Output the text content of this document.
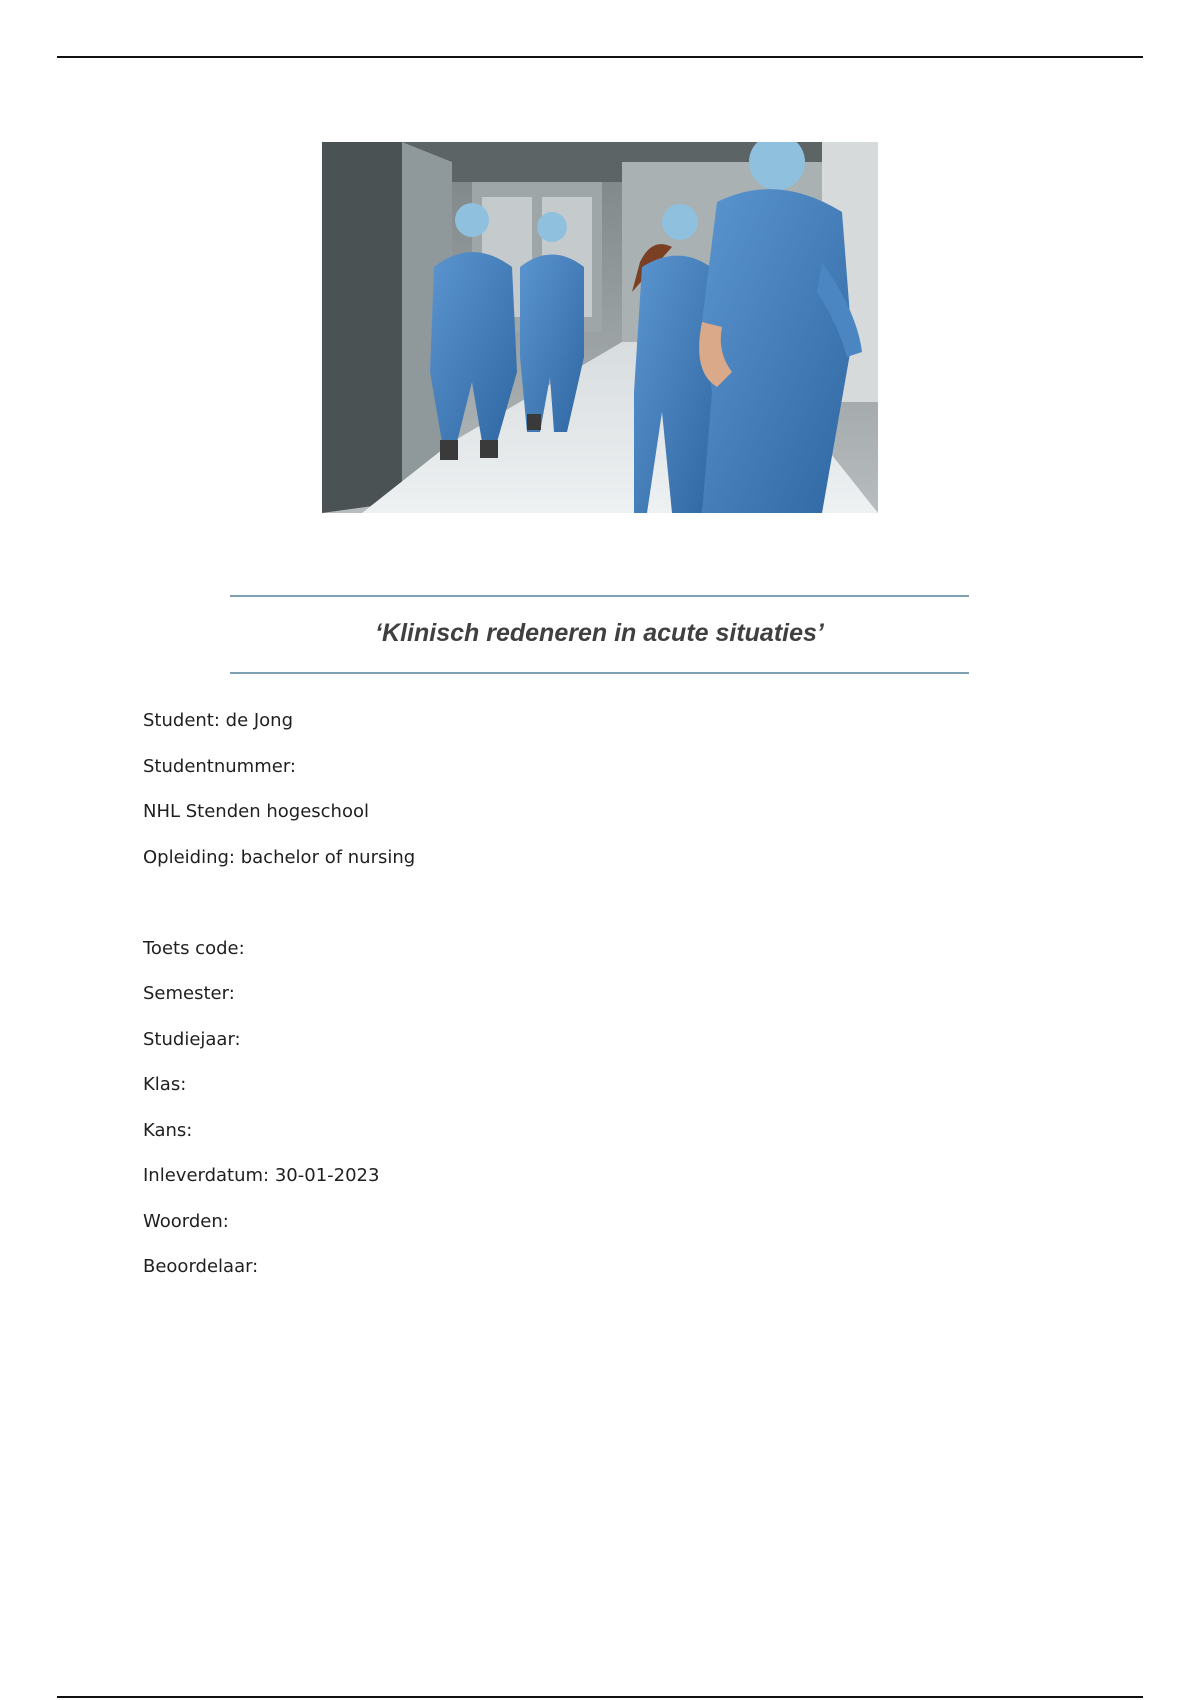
‘Klinisch redeneren in acute situaties’
Student: de Jong
Studentnummer:
NHL Stenden hogeschool
Opleiding: bachelor of nursing
Toets code:
Semester:
Studiejaar:
Klas:
Kans:
Inleverdatum: 30-01-2023
Woorden:
Beoordelaar:
